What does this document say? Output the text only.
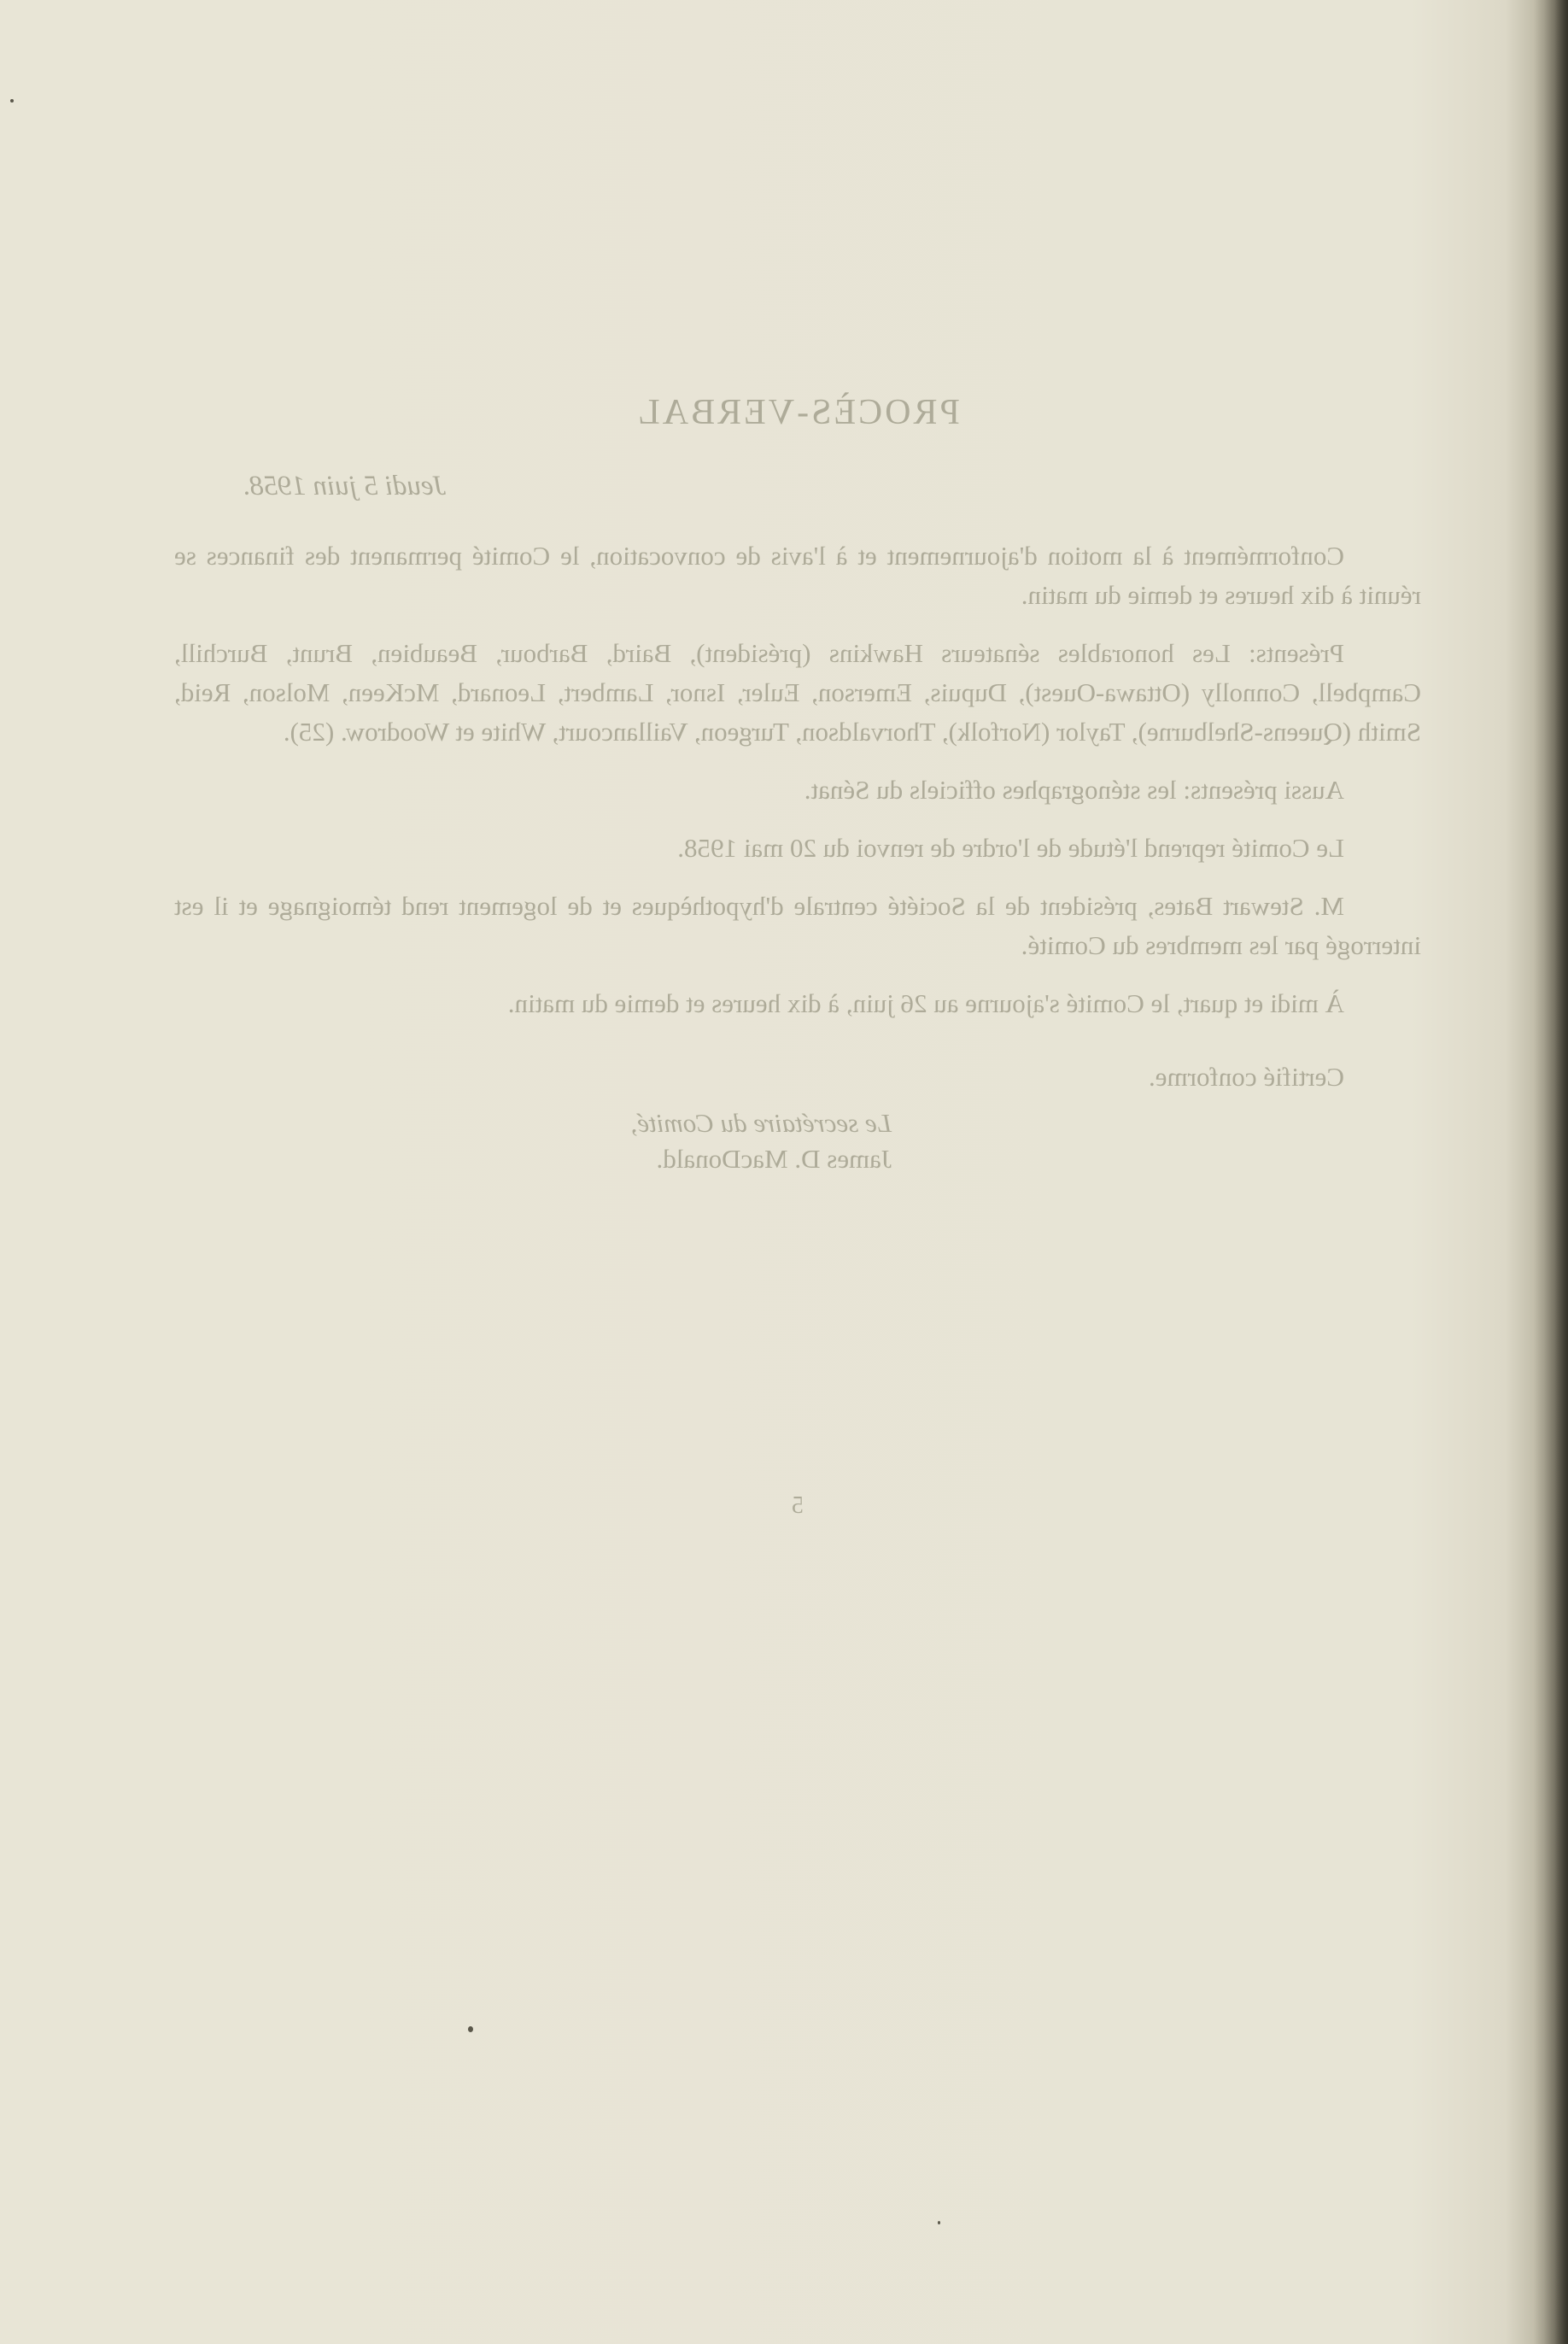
PROCÈS-VERBAL
Jeudi 5 juin 1958.

Conformément à la motion d'ajournement et à l'avis de convocation, le Comité permanent des finances se réunit à dix heures et demie du matin.

Présents: Les honorables sénateurs Hawkins (président), Baird, Barbour, Beaubien, Brunt, Burchill, Campbell, Connolly (Ottawa-Ouest), Dupuis, Emerson, Euler, Isnor, Lambert, Leonard, McKeen, Molson, Reid, Smith (Queens-Shelburne), Taylor (Norfolk), Thorvaldson, Turgeon, Vaillancourt, White et Woodrow. (25).

Aussi présents: les sténographes officiels du Sénat.

Le Comité reprend l'étude de l'ordre de renvoi du 20 mai 1958.

M. Stewart Bates, président de la Société centrale d'hypothèques et de logement rend témoignage et il est interrogé par les membres du Comité.

À midi et quart, le Comité s'ajourne au 26 juin, à dix heures et demie du matin.

Certifié conforme.

Le secrétaire du Comité,
James D. MacDonald.
5
